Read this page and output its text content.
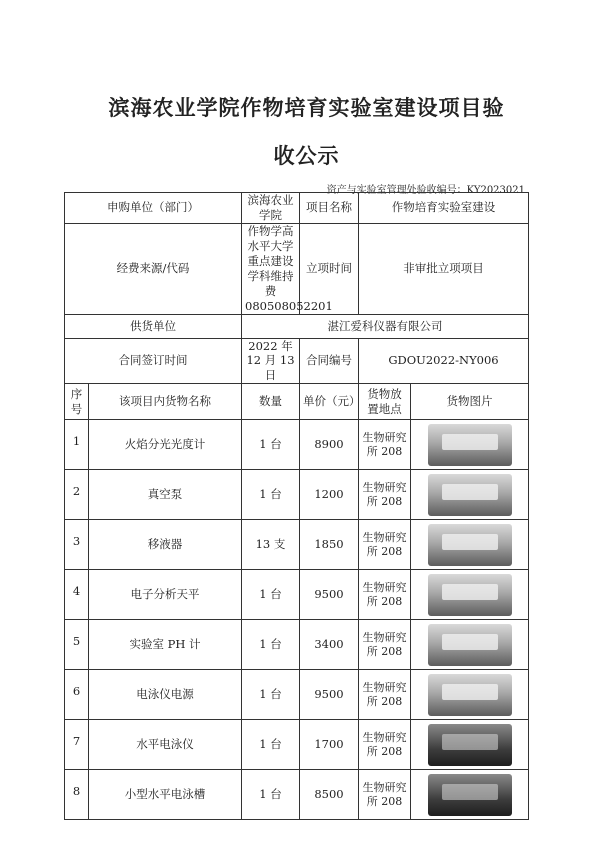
滨海农业学院作物培育实验室建设项目验
收公示
资产与实验室管理处验收编号：KY2023021
申购单位（部门）		滨海农业学院	项目名称	作物培育实验室建设	
经费来源/代码		作物学高水平大学重点建设学科维持费 080508052201	立项时间	非审批立项项目	
供货单位		湛江爱科仪器有限公司			
合同签订时间		2022 年 12 月 13 日	合同编号	GDOU2022-NY006	
序号	该项目内货物名称	数量	单价（元）	货物放置地点	货物图片
1	火焰分光光度计	1 台	8900	生物研究所 208	

2	真空泵	1 台	1200	生物研究所 208	

3	移液器	13 支	1850	生物研究所 208	

4	电子分析天平	1 台	9500	生物研究所 208	

5	实验室 PH 计	1 台	3400	生物研究所 208	

6	电泳仪电源	1 台	9500	生物研究所 208	

7	水平电泳仪	1 台	1700	生物研究所 208	

8	小型水平电泳槽	1 台	8500	生物研究所 208	
